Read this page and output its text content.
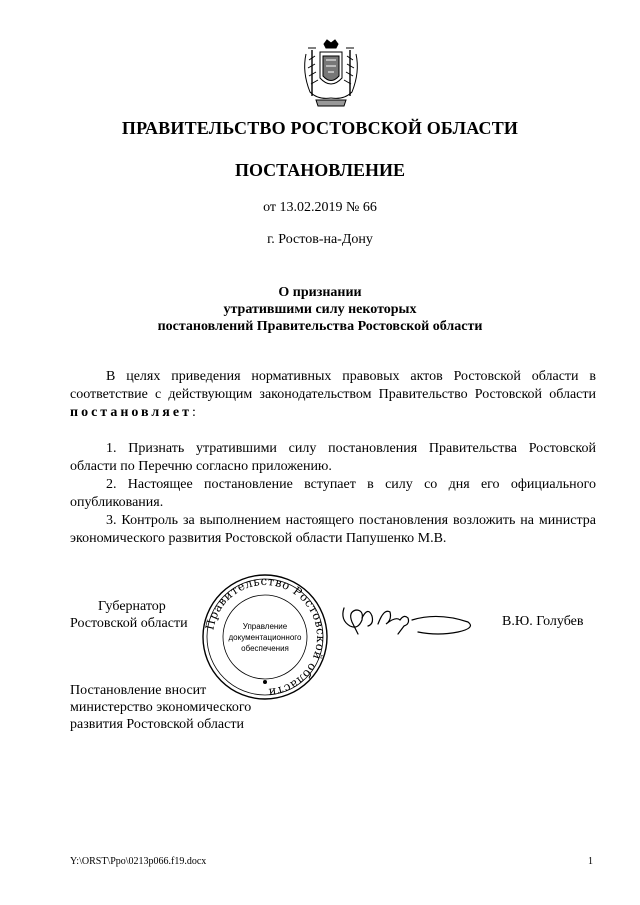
ПРАВИТЕЛЬСТВО РОСТОВСКОЙ ОБЛАСТИ
ПОСТАНОВЛЕНИЕ
от 13.02.2019 № 66
г. Ростов-на-Дону
О признании
утратившими силу некоторых
постановлений Правительства Ростовской области

В целях приведения нормативных правовых актов Ростовской области в соответствие с действующим законодательством Правительство Ростовской области постановляет:

1. Признать утратившими силу постановления Правительства Ростовской области по Перечню согласно приложению.

2. Настоящее постановление вступает в силу со дня его официального опубликования.

3. Контроль за выполнением настоящего постановления возложить на министра экономического развития Ростовской области Папушенко М.В.

Губернатор
Ростовской области	Правительство Ростовской области
Управление
документационного
обеспечения
В.Ю. Голубев
Постановление вносит
министерство экономического
развития Ростовской области
Y:\ORST\Ppo\0213p066.f19.docx	1
